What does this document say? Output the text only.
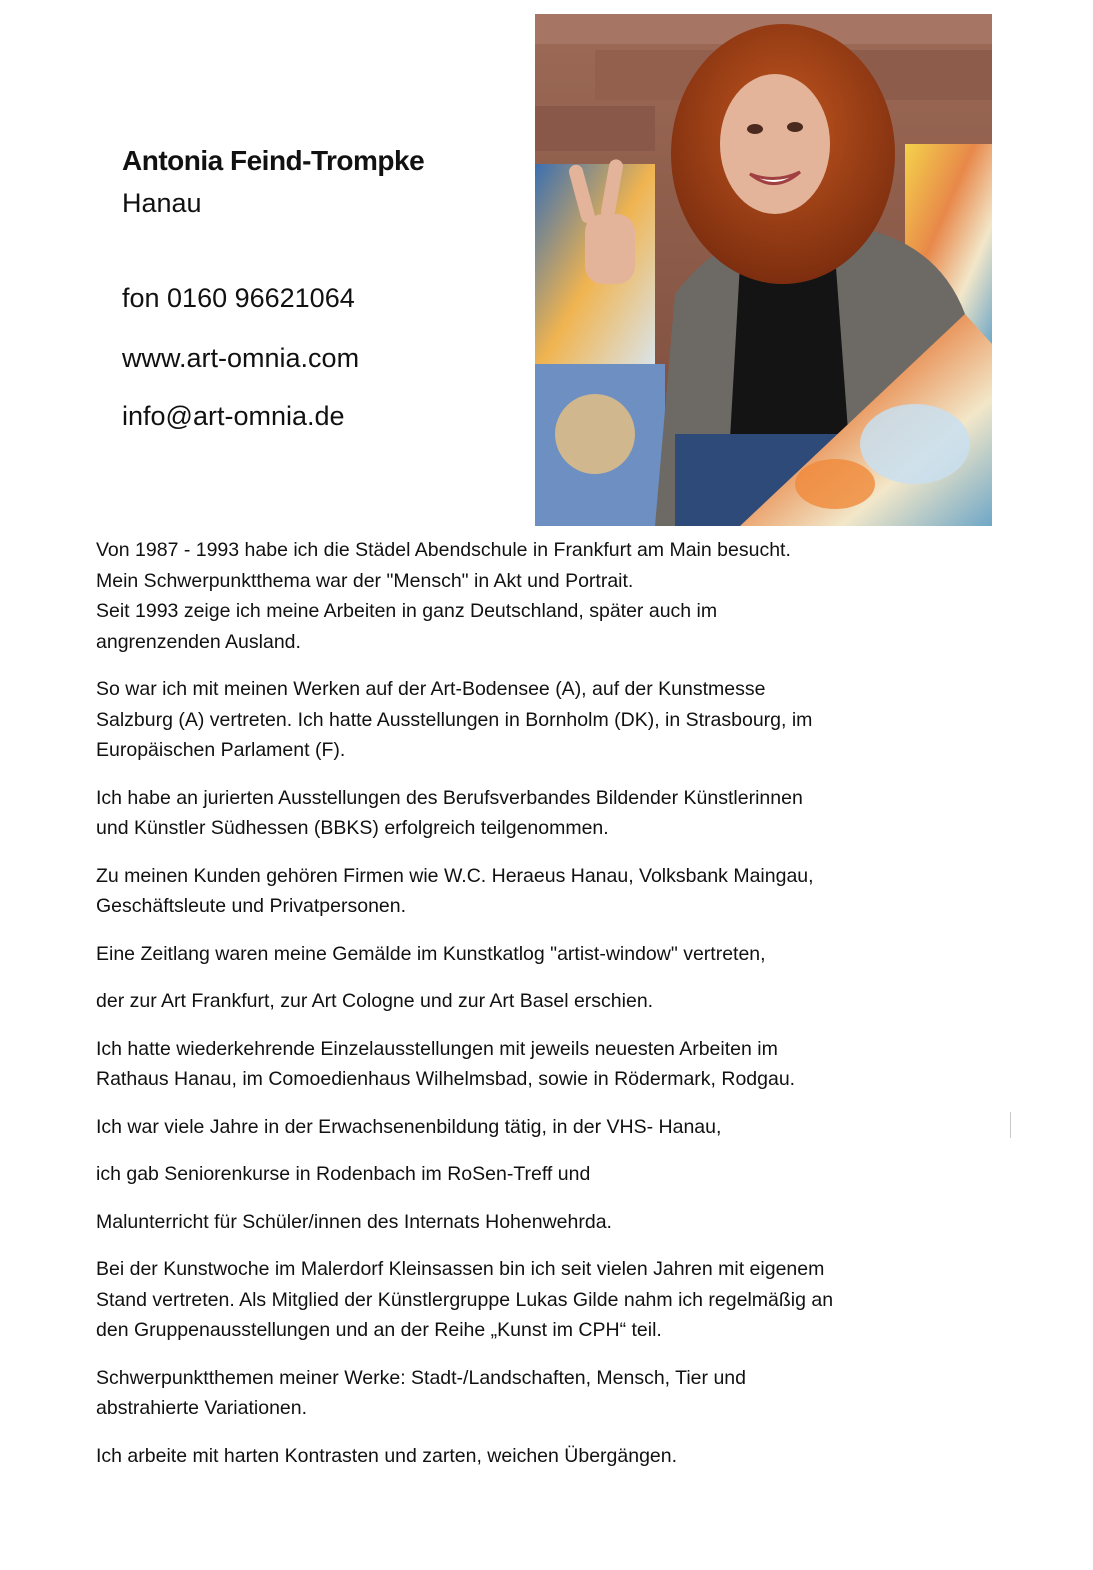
Antonia Feind-Trompke

Hanau

fon 0160 96621064

www.art-omnia.com

info@art-omnia.de

Von 1987 - 1993 habe ich die Städel Abendschule in Frankfurt am Main besucht.

Mein Schwerpunktthema war der "Mensch" in Akt und Portrait.

Seit 1993 zeige ich meine Arbeiten in ganz Deutschland, später auch im

angrenzenden Ausland.

So war ich mit meinen Werken auf der Art-Bodensee (A), auf der Kunstmesse

Salzburg (A) vertreten. Ich hatte Ausstellungen in Bornholm (DK), in Strasbourg, im

Europäischen Parlament (F).

Ich habe an jurierten Ausstellungen des Berufsverbandes Bildender Künstlerinnen

und Künstler Südhessen (BBKS) erfolgreich teilgenommen.

Zu meinen Kunden gehören Firmen wie W.C. Heraeus Hanau, Volksbank Maingau,

Geschäftsleute und Privatpersonen.

Eine Zeitlang waren meine Gemälde im Kunstkatlog "artist-window" vertreten,

der zur Art Frankfurt, zur Art Cologne und zur Art Basel erschien.

Ich hatte wiederkehrende Einzelausstellungen mit jeweils neuesten Arbeiten im

Rathaus Hanau, im Comoedienhaus Wilhelmsbad, sowie in Rödermark, Rodgau.

Ich war viele Jahre in der Erwachsenenbildung tätig, in der VHS- Hanau,

ich gab Seniorenkurse in Rodenbach im RoSen-Treff und

Malunterricht für Schüler/innen des Internats Hohenwehrda.

Bei der Kunstwoche im Malerdorf Kleinsassen bin ich seit vielen Jahren mit eigenem

Stand vertreten. Als Mitglied der Künstlergruppe Lukas Gilde nahm ich regelmäßig an

den Gruppenausstellungen und an der Reihe „Kunst im CPH“ teil.

Schwerpunktthemen meiner Werke: Stadt-/Landschaften, Mensch, Tier und

abstrahierte Variationen.

Ich arbeite mit harten Kontrasten und zarten, weichen Übergängen.
